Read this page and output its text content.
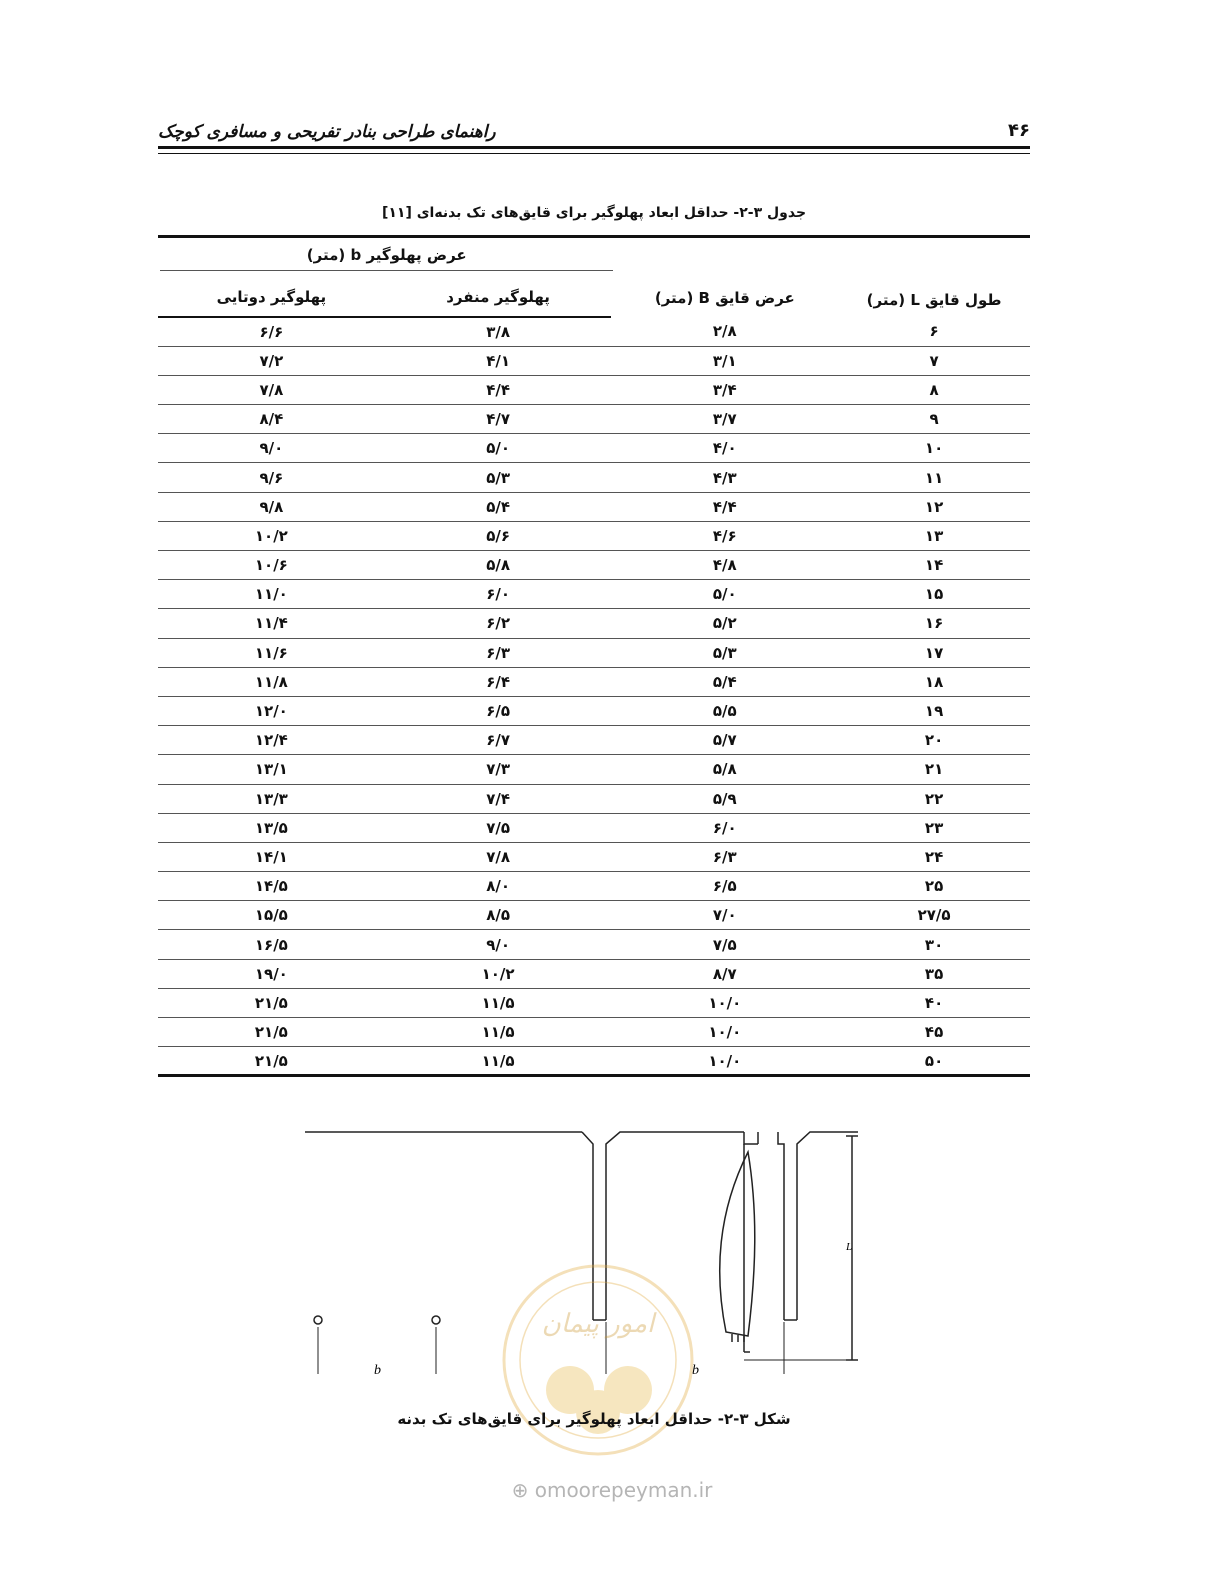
راهنمای طراحی بنادر تفریحی و مسافری کوچک	۴۶
جدول ۳-۲- حداقل ابعاد پهلوگیر برای قایق‌های تک بدنه‌ای [۱۱]
طول قایق L (متر)	عرض قایق B (متر)	عرض پهلوگیر b (متر)	

		پهلوگیر منفرد	پهلوگیر دوتایی
۶	۲/۸	۳/۸	۶/۶
۷	۳/۱	۴/۱	۷/۲
۸	۳/۴	۴/۴	۷/۸
۹	۳/۷	۴/۷	۸/۴
۱۰	۴/۰	۵/۰	۹/۰
۱۱	۴/۳	۵/۳	۹/۶
۱۲	۴/۴	۵/۴	۹/۸
۱۳	۴/۶	۵/۶	۱۰/۲
۱۴	۴/۸	۵/۸	۱۰/۶
۱۵	۵/۰	۶/۰	۱۱/۰
۱۶	۵/۲	۶/۲	۱۱/۴
۱۷	۵/۳	۶/۳	۱۱/۶
۱۸	۵/۴	۶/۴	۱۱/۸
۱۹	۵/۵	۶/۵	۱۲/۰
۲۰	۵/۷	۶/۷	۱۲/۴
۲۱	۵/۸	۷/۳	۱۳/۱
۲۲	۵/۹	۷/۴	۱۳/۳
۲۳	۶/۰	۷/۵	۱۳/۵
۲۴	۶/۳	۷/۸	۱۴/۱
۲۵	۶/۵	۸/۰	۱۴/۵
۲۷/۵	۷/۰	۸/۵	۱۵/۵
۳۰	۷/۵	۹/۰	۱۶/۵
۳۵	۸/۷	۱۰/۲	۱۹/۰
۴۰	۱۰/۰	۱۱/۵	۲۱/۵
۴۵	۱۰/۰	۱۱/۵	۲۱/۵
۵۰	۱۰/۰	۱۱/۵	۲۱/۵
b	b
L
امور پیمان
شکل ۳-۲- حداقل ابعاد پهلوگیر برای قایق‌های تک بدنه
⊕ omoorepeyman.ir
